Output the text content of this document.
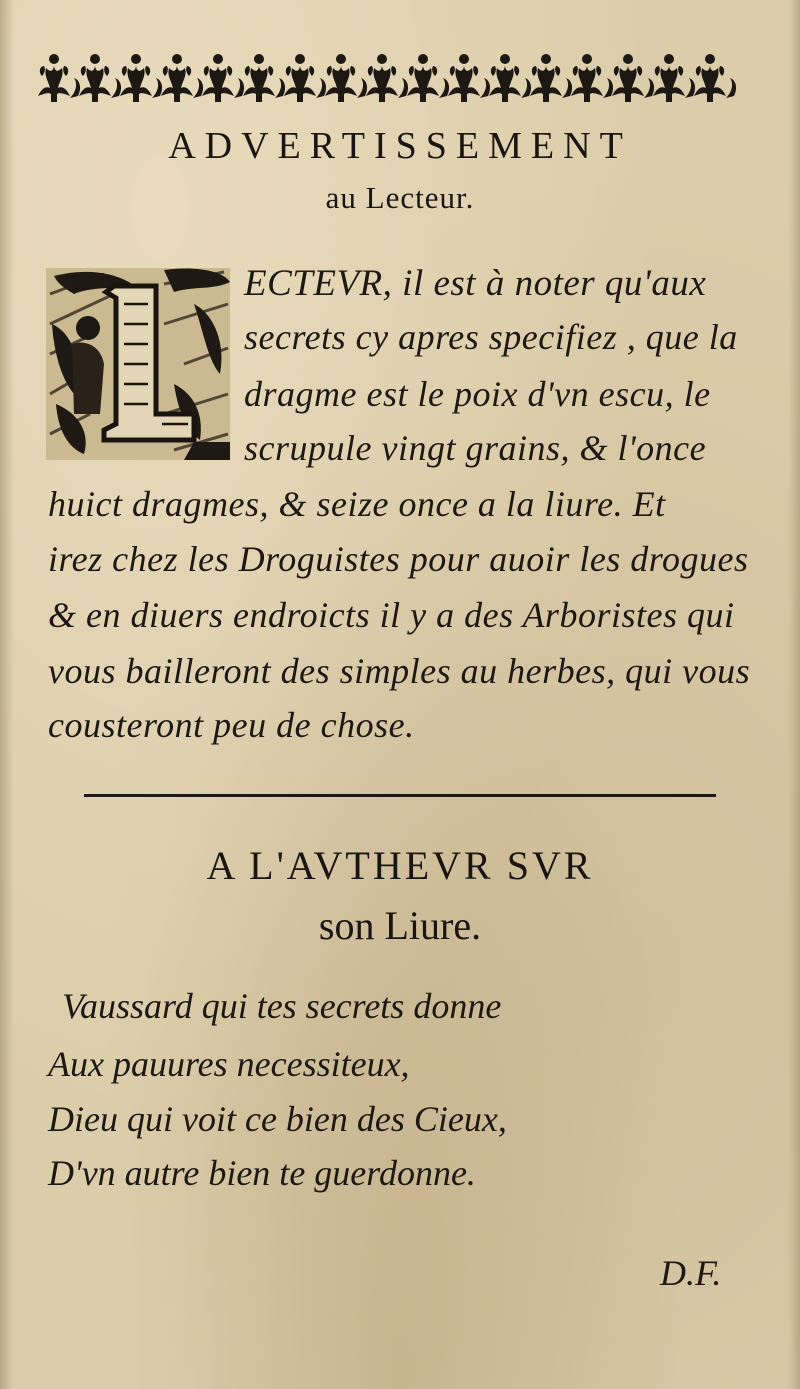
ADVERTISSEMENT
au Lecteur.
ECTEVR, il est à noter qu'aux
secrets cy apres specifiez , que la
dragme est le poix d'vn escu, le
scrupule vingt grains, & l'once
huict dragmes, & seize once a la liure. Et
irez chez les Droguistes pour auoir les drogues
& en diuers endroicts il y a des Arboristes qui
vous bailleront des simples au herbes, qui vous
cousteront peu de chose.
A L'AVTHEVR SVR
son Liure.
Vaussard qui tes secrets donne
Aux pauures necessiteux,
Dieu qui voit ce bien des Cieux,
D'vn autre bien te guerdonne.
D.F.
